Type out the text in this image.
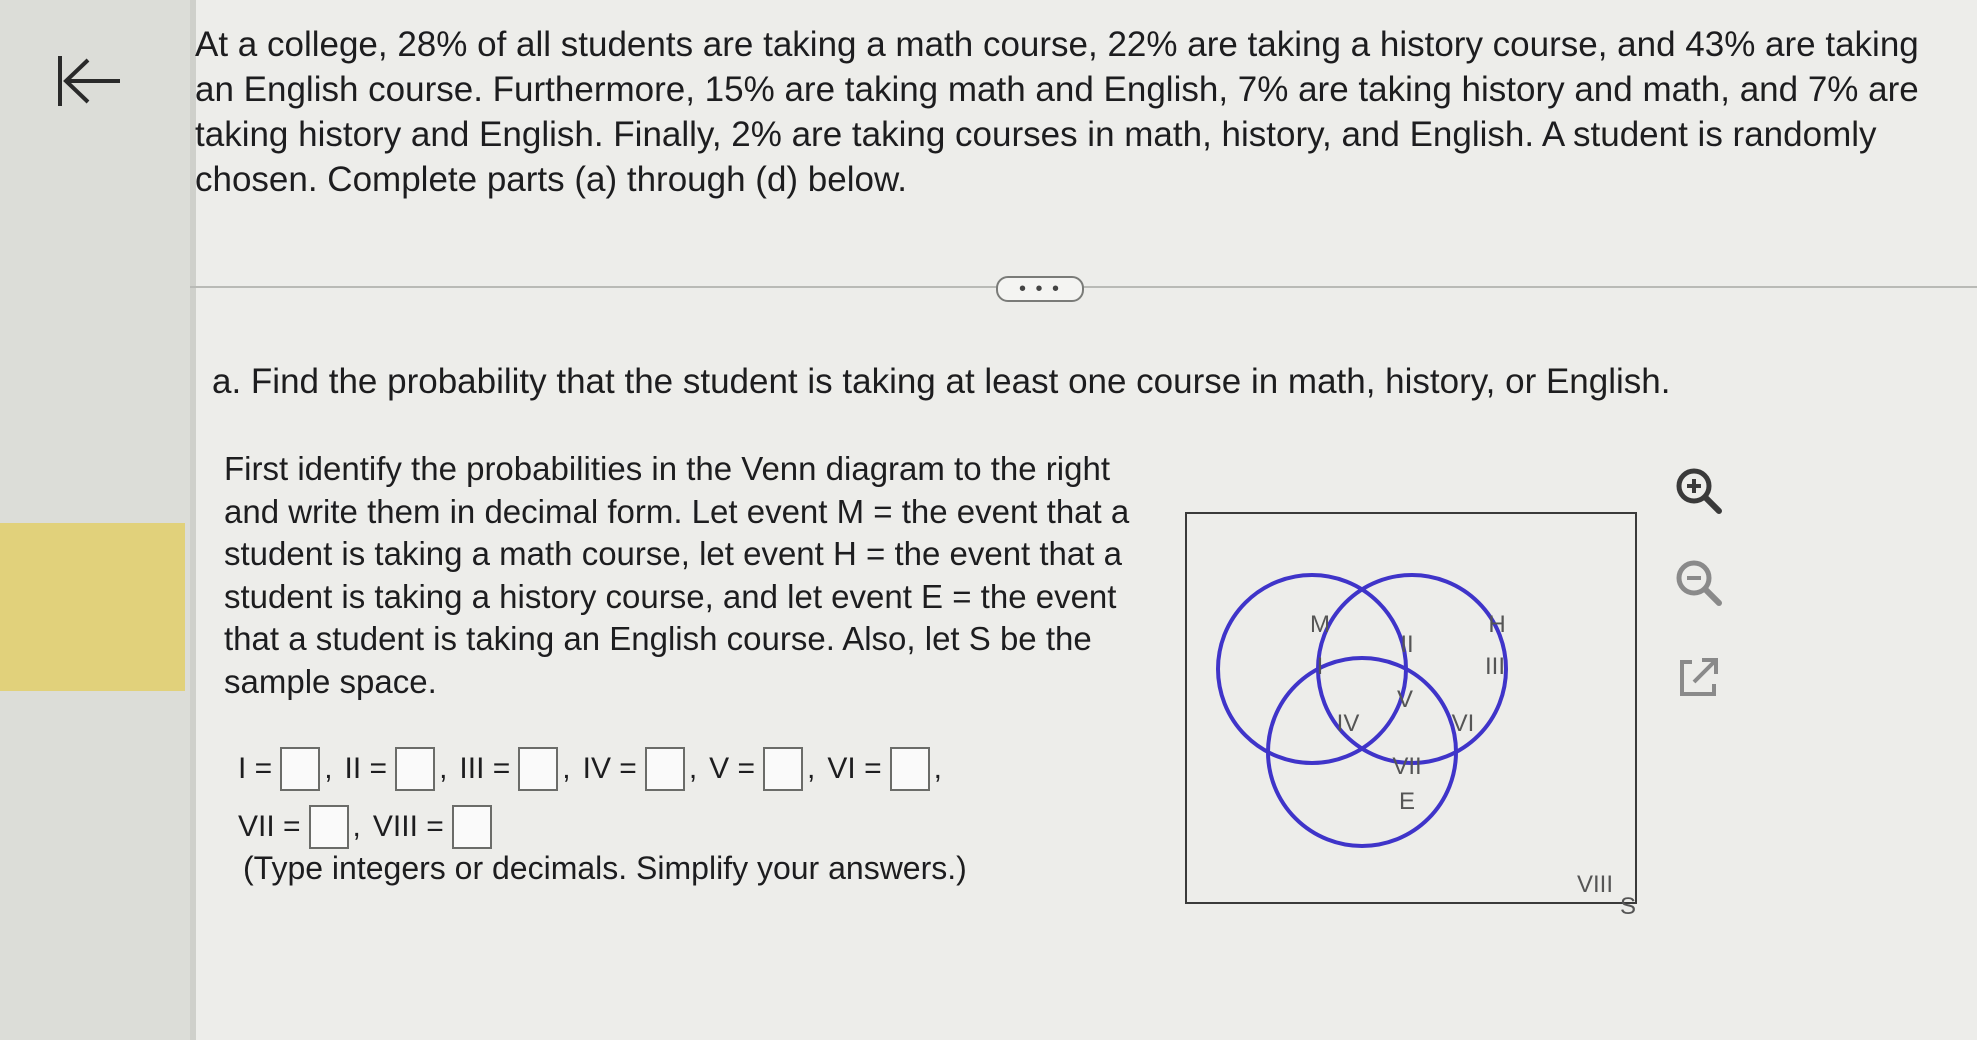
At a college, 28% of all students are taking a math course, 22% are taking a history course, and 43% are taking an English course. Furthermore, 15% are taking math and English, 7% are taking history and math, and 7% are taking history and English. Finally, 2% are taking courses in math, history, and English. A student is randomly chosen. Complete parts (a) through (d) below.

• • •
a. Find the probability that the student is taking at least one course in math, history, or English.

First identify the probabilities in the Venn diagram to the right and write them in decimal form. Let event M = the event that a student is taking a math course, let event H = the event that a student is taking a history course, and let event E = the event that a student is taking an English course. Also, let S be the sample space.

I = , II = , III = , IV = , V = , VI = ,
VII = , VIII =
(Type integers or decimals. Simplify your answers.)
M
I
H
III
II
V
IV	VI
VII
E
VIII
S
